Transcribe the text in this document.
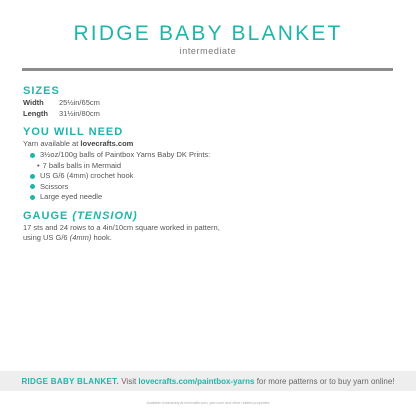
RIDGE BABY BLANKET
intermediate
SIZES
Width	25½in/65cm
Length	31½in/80cm
YOU WILL NEED
Yarn available at lovecrafts.com
3½oz/100g balls of Paintbox Yarns Baby DK Prints:
• 7 balls balls in Mermaid
US G/6 (4mm) crochet hook
Scissors
Large eyed needle
GAUGE (TENSION)
17 sts and 24 rows to a 4in/10cm square worked in pattern, using US G/6 (4mm) hook.
RIDGE BABY BLANKET. Visit lovecrafts.com/paintbox-yarns for more patterns or to buy yarn online!
Available exclusively at lovecrafts.com, yarn.com and other related properties
